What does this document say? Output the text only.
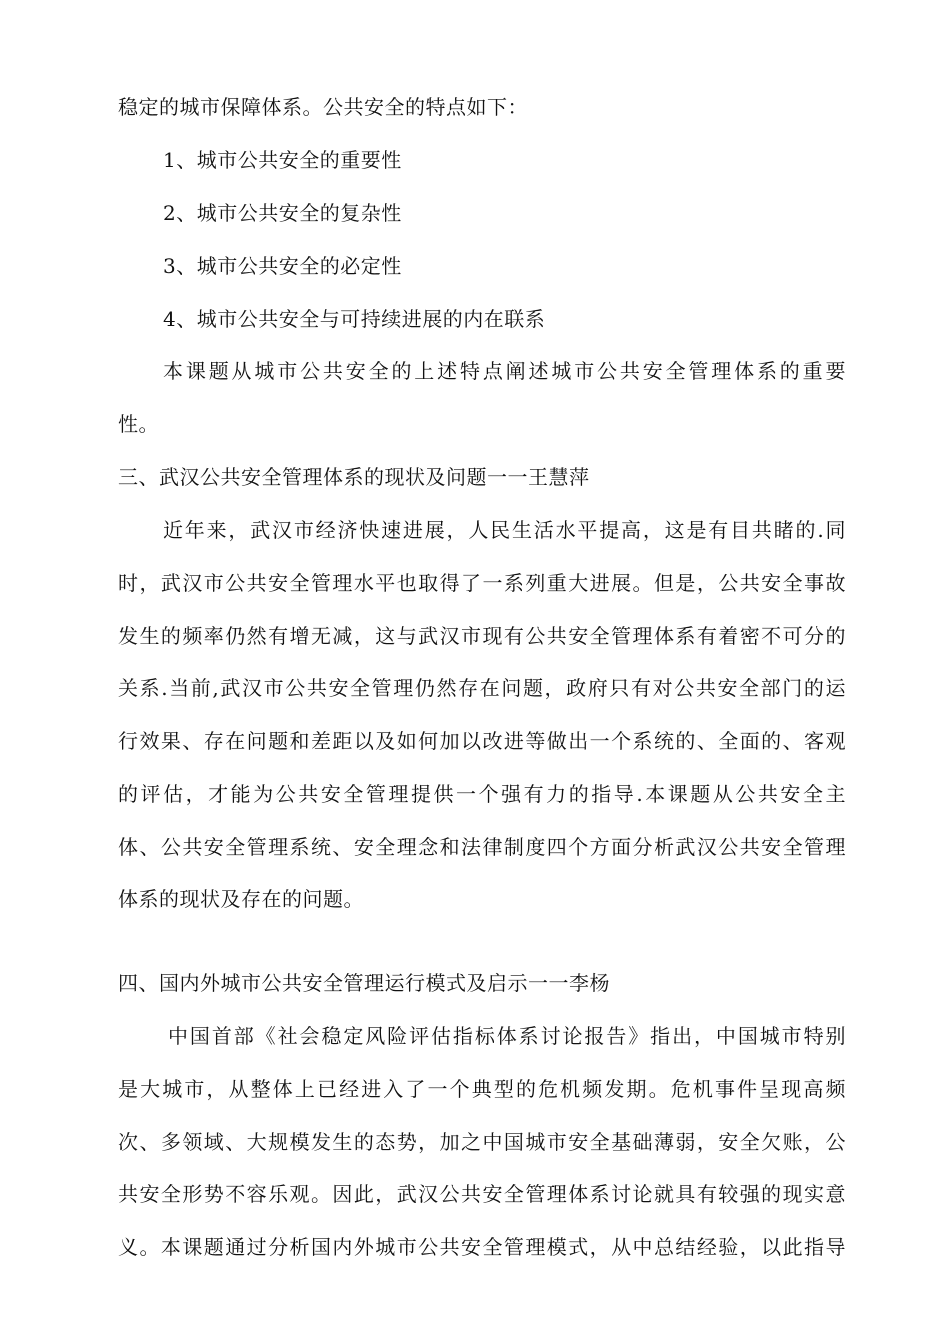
稳定的城市保障体系。公共安全的特点如下：
1、城市公共安全的重要性
2、城市公共安全的复杂性
3、城市公共安全的必定性
4、城市公共安全与可持续进展的内在联系
本课题从城市公共安全的上述特点阐述城市公共安全管理体系的重要
性。
三、武汉公共安全管理体系的现状及问题一一王慧萍
近年来，武汉市经济快速进展，人民生活水平提高，这是有目共睹的.同
时，武汉市公共安全管理水平也取得了一系列重大进展。但是，公共安全事故
发生的频率仍然有增无减，这与武汉市现有公共安全管理体系有着密不可分的
关系.当前,武汉市公共安全管理仍然存在问题，政府只有对公共安全部门的运
行效果、存在问题和差距以及如何加以改进等做出一个系统的、全面的、客观
的评估，才能为公共安全管理提供一个强有力的指导.本课题从公共安全主
体、公共安全管理系统、安全理念和法律制度四个方面分析武汉公共安全管理
体系的现状及存在的问题。
四、国内外城市公共安全管理运行模式及启示一一李杨
中国首部《社会稳定风险评估指标体系讨论报告》指出，中国城市特别
是大城市，从整体上已经进入了一个典型的危机频发期。危机事件呈现高频
次、多领域、大规模发生的态势，加之中国城市安全基础薄弱，安全欠账，公
共安全形势不容乐观。因此，武汉公共安全管理体系讨论就具有较强的现实意
义。本课题通过分析国内外城市公共安全管理模式，从中总结经验，以此指导
